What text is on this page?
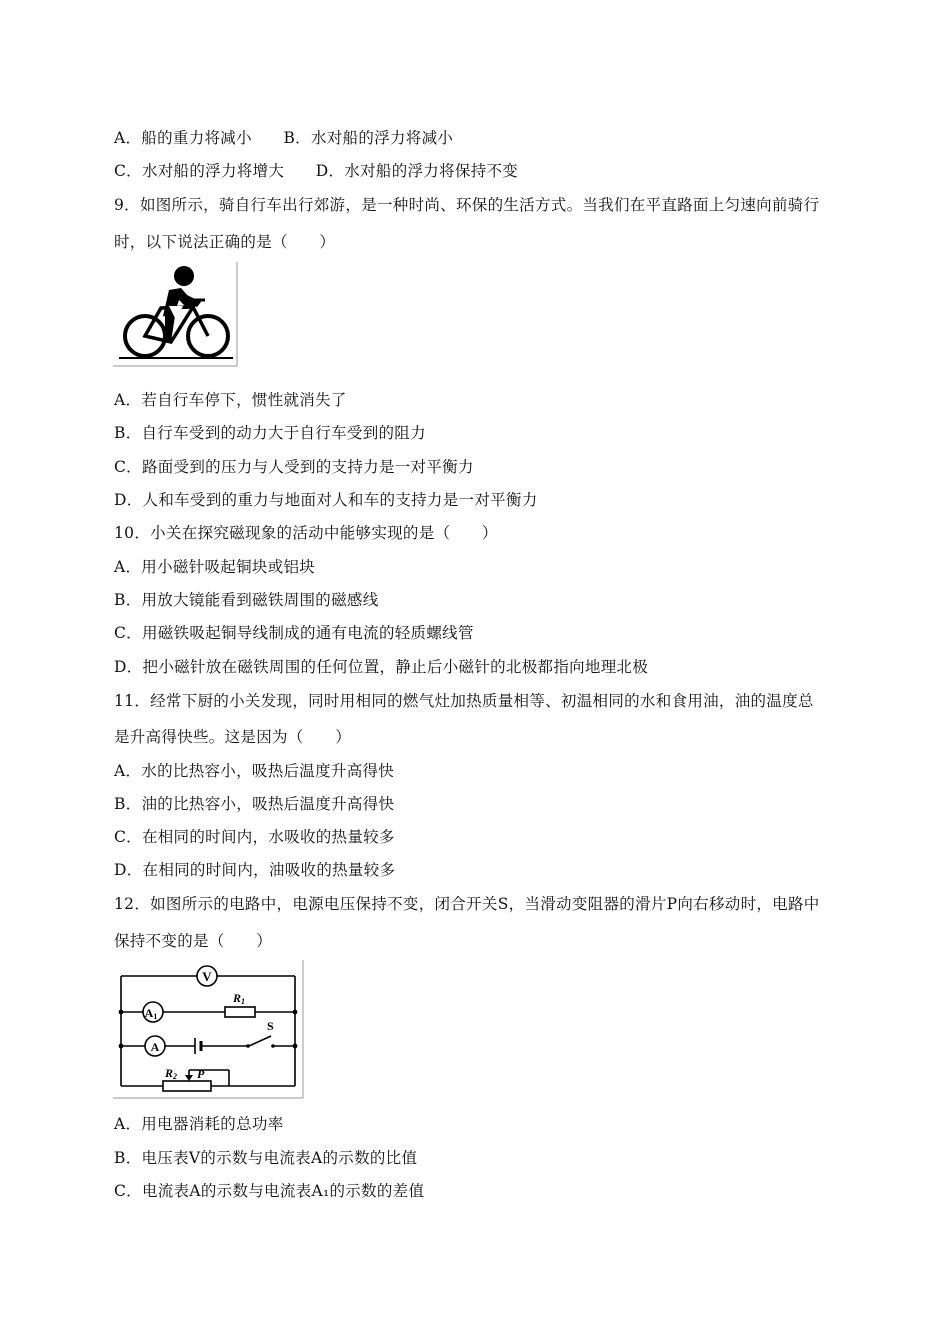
A．船的重力将减小　　B．水对船的浮力将减小
C．水对船的浮力将增大　　D．水对船的浮力将保持不变
9．如图所示，骑自行车出行郊游，是一种时尚、环保的生活方式。当我们在平直路面上匀速向前骑行
时，以下说法正确的是（　　）
A．若自行车停下，惯性就消失了
B．自行车受到的动力大于自行车受到的阻力
C．路面受到的压力与人受到的支持力是一对平衡力
D．人和车受到的重力与地面对人和车的支持力是一对平衡力
10．小关在探究磁现象的活动中能够实现的是（　　）
A．用小磁针吸起铜块或铝块
B．用放大镜能看到磁铁周围的磁感线
C．用磁铁吸起铜导线制成的通有电流的轻质螺线管
D．把小磁针放在磁铁周围的任何位置，静止后小磁针的北极都指向地理北极
11．经常下厨的小关发现，同时用相同的燃气灶加热质量相等、初温相同的水和食用油，油的温度总
是升高得快些。这是因为（　　）
A．水的比热容小，吸热后温度升高得快
B．油的比热容小，吸热后温度升高得快
C．在相同的时间内，水吸收的热量较多
D．在相同的时间内，油吸收的热量较多
12．如图所示的电路中，电源电压保持不变，闭合开关S，当滑动变阻器的滑片P向右移动时，电路中
保持不变的是（　　）
V
A1
R1
A
S
R2 P
A．用电器消耗的总功率
B．电压表V的示数与电流表A的示数的比值
C．电流表A的示数与电流表A₁的示数的差值
